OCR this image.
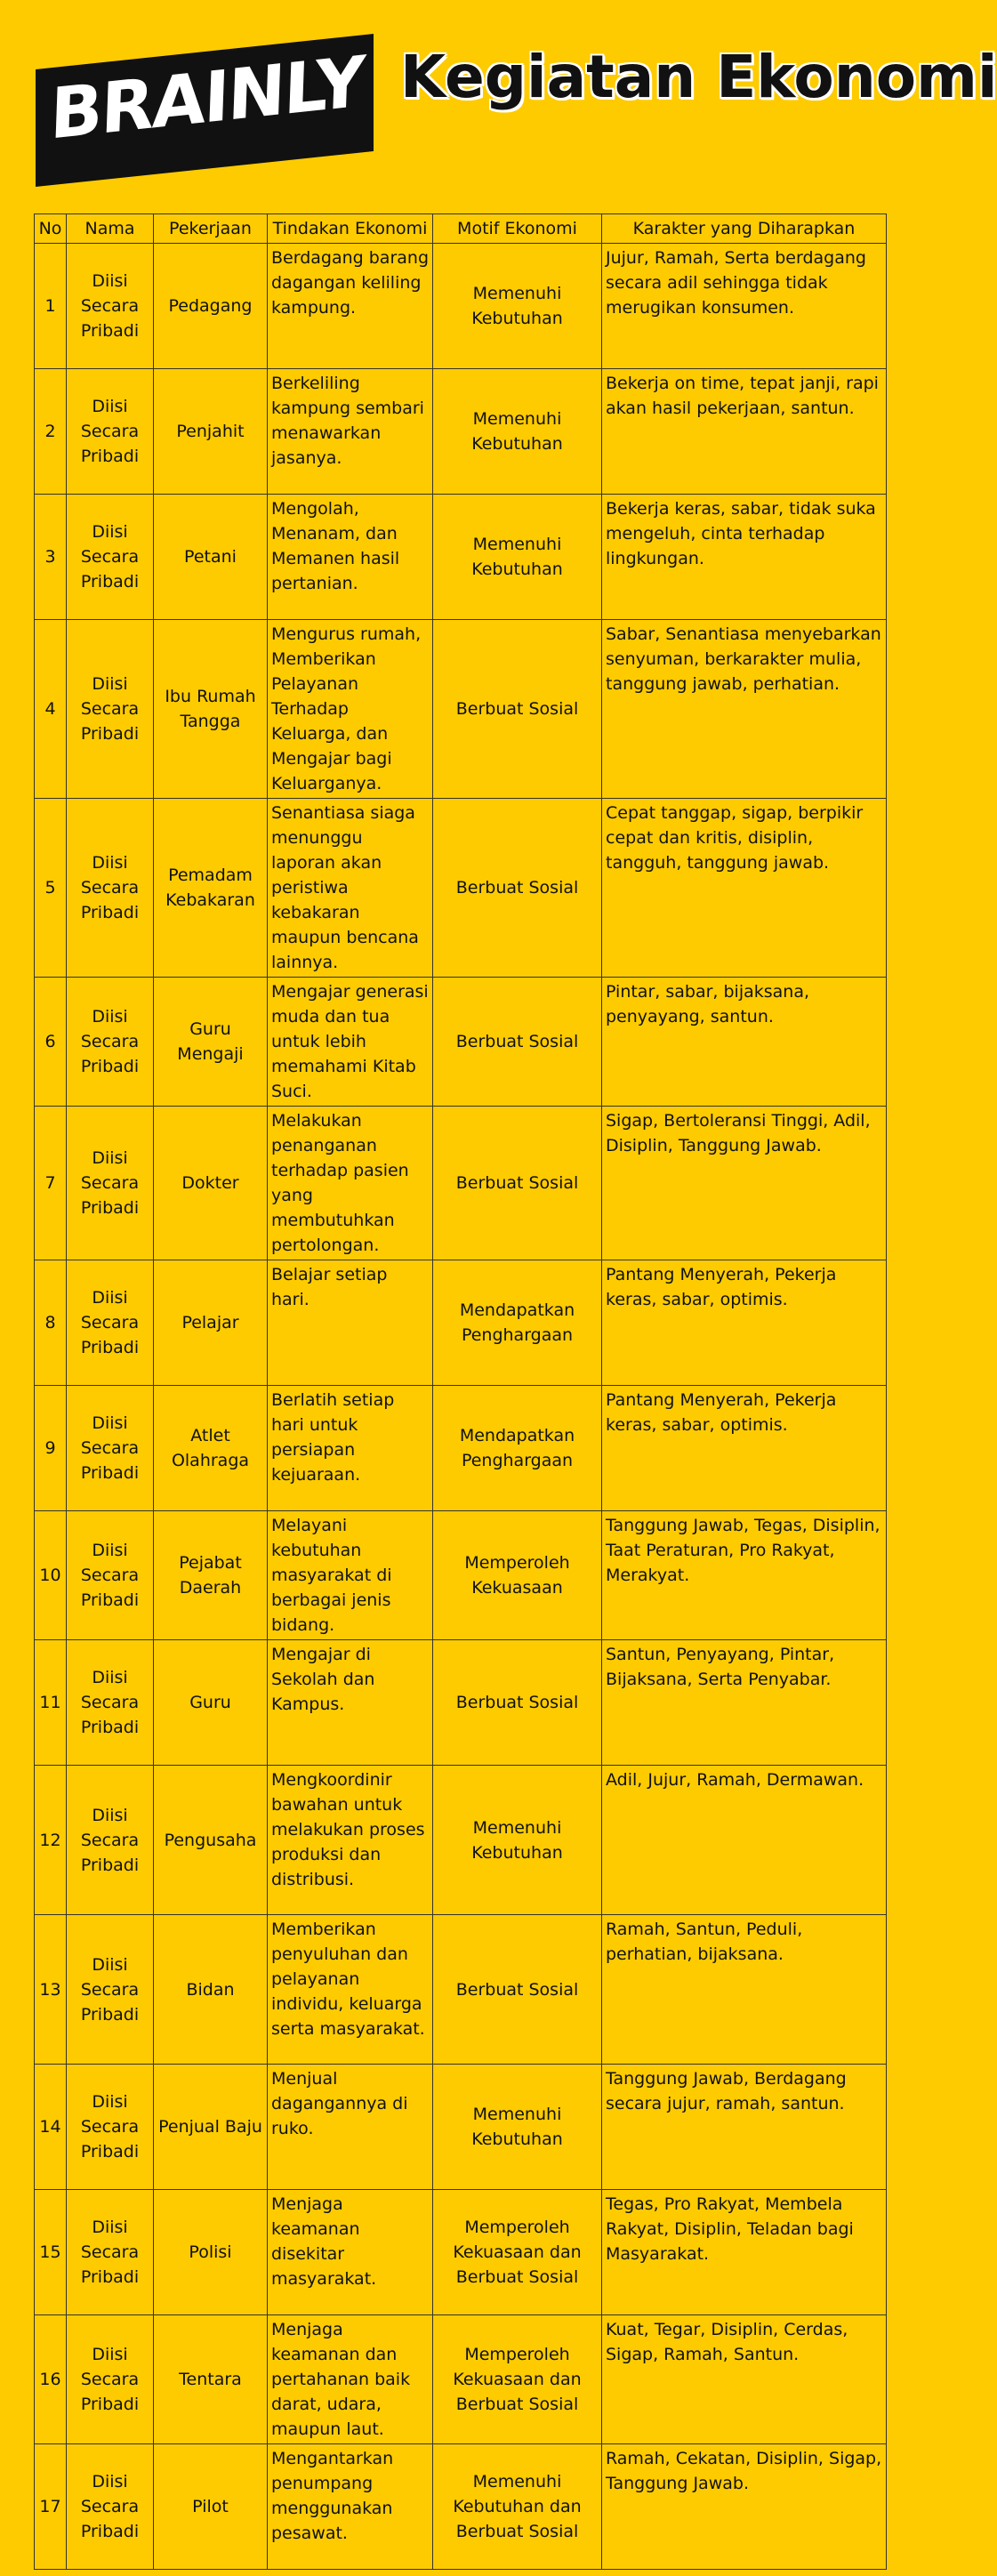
BRAINLY Kegiatan Ekonomi
No	Nama	Pekerjaan	Tindakan Ekonomi	Motif Ekonomi	Karakter yang Diharapkan
1	Diisi Secara Pribadi	Pedagang	Berdagang barang dagangan keliling kampung.	Memenuhi Kebutuhan	Jujur, Ramah, Serta berdagang secara adil sehingga tidak merugikan konsumen.
2	Diisi Secara Pribadi	Penjahit	Berkeliling kampung sembari menawarkan jasanya.	Memenuhi Kebutuhan	Bekerja on time, tepat janji, rapi akan hasil pekerjaan, santun.
3	Diisi Secara Pribadi	Petani	Mengolah, Menanam, dan Memanen hasil pertanian.	Memenuhi Kebutuhan	Bekerja keras, sabar, tidak suka mengeluh, cinta terhadap lingkungan.
4	Diisi Secara Pribadi	Ibu Rumah Tangga	Mengurus rumah, Memberikan Pelayanan Terhadap Keluarga, dan Mengajar bagi Keluarganya.	Berbuat Sosial	Sabar, Senantiasa menyebarkan senyuman, berkarakter mulia, tanggung jawab, perhatian.
5	Diisi Secara Pribadi	Pemadam Kebakaran	Senantiasa siaga menunggu laporan akan peristiwa kebakaran maupun bencana lainnya.	Berbuat Sosial	Cepat tanggap, sigap, berpikir cepat dan kritis, disiplin, tangguh, tanggung jawab.
6	Diisi Secara Pribadi	Guru Mengaji	Mengajar generasi muda dan tua untuk lebih memahami Kitab Suci.	Berbuat Sosial	Pintar, sabar, bijaksana, penyayang, santun.
7	Diisi Secara Pribadi	Dokter	Melakukan penanganan terhadap pasien yang membutuhkan pertolongan.	Berbuat Sosial	Sigap, Bertoleransi Tinggi, Adil, Disiplin, Tanggung Jawab.
8	Diisi Secara Pribadi	Pelajar	Belajar setiap hari.	Mendapatkan Penghargaan	Pantang Menyerah, Pekerja keras, sabar, optimis.
9	Diisi Secara Pribadi	Atlet Olahraga	Berlatih setiap hari untuk persiapan kejuaraan.	Mendapatkan Penghargaan	Pantang Menyerah, Pekerja keras, sabar, optimis.
10	Diisi Secara Pribadi	Pejabat Daerah	Melayani kebutuhan masyarakat di berbagai jenis bidang.	Memperoleh Kekuasaan	Tanggung Jawab, Tegas, Disiplin, Taat Peraturan, Pro Rakyat, Merakyat.
11	Diisi Secara Pribadi	Guru	Mengajar di Sekolah dan Kampus.	Berbuat Sosial	Santun, Penyayang, Pintar, Bijaksana, Serta Penyabar.
12	Diisi Secara Pribadi	Pengusaha	Mengkoordinir bawahan untuk melakukan proses produksi dan distribusi.	Memenuhi Kebutuhan	Adil, Jujur, Ramah, Dermawan.
13	Diisi Secara Pribadi	Bidan	Memberikan penyuluhan dan pelayanan individu, keluarga serta masyarakat.	Berbuat Sosial	Ramah, Santun, Peduli, perhatian, bijaksana.
14	Diisi Secara Pribadi	Penjual Baju	Menjual dagangannya di ruko.	Memenuhi Kebutuhan	Tanggung Jawab, Berdagang secara jujur, ramah, santun.
15	Diisi Secara Pribadi	Polisi	Menjaga keamanan disekitar masyarakat.	Memperoleh Kekuasaan dan Berbuat Sosial	Tegas, Pro Rakyat, Membela Rakyat, Disiplin, Teladan bagi Masyarakat.
16	Diisi Secara Pribadi	Tentara	Menjaga keamanan dan pertahanan baik darat, udara, maupun laut.	Memperoleh Kekuasaan dan Berbuat Sosial	Kuat, Tegar, Disiplin, Cerdas, Sigap, Ramah, Santun.
17	Diisi Secara Pribadi	Pilot	Mengantarkan penumpang menggunakan pesawat.	Memenuhi Kebutuhan dan Berbuat Sosial	Ramah, Cekatan, Disiplin, Sigap, Tanggung Jawab.
